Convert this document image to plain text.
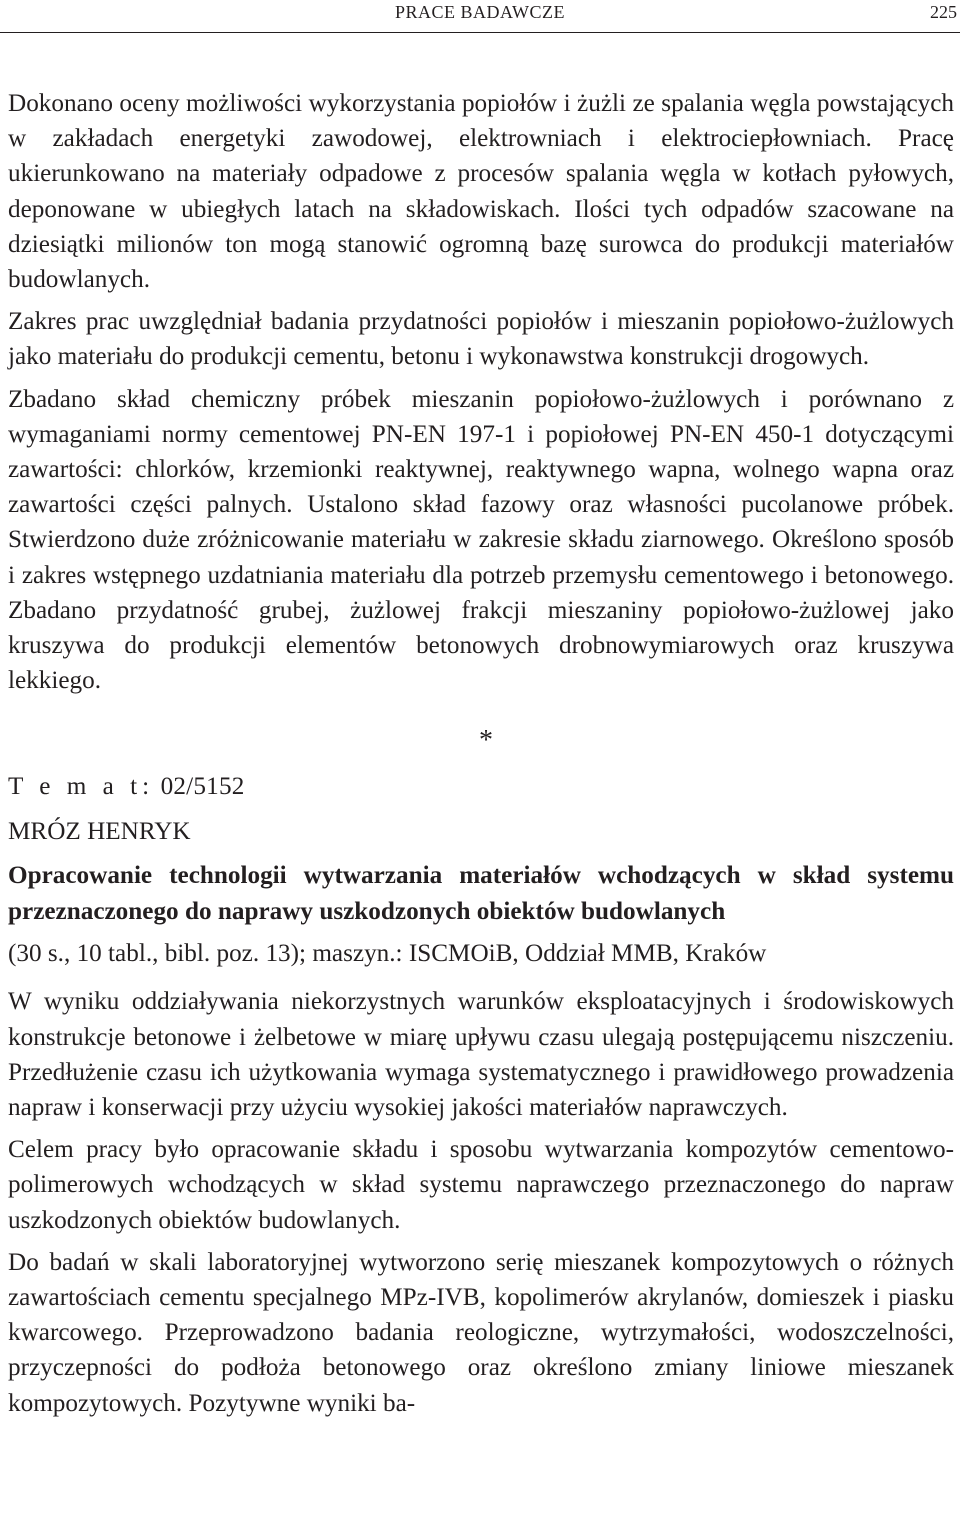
PRACE BADAWCZE	225

Dokonano oceny możliwości wykorzystania popiołów i żużli ze spalania węgla powstających w zakładach energetyki zawodowej, elektrowniach i elektrociepłowniach. Pracę ukierunkowano na materiały odpadowe z procesów spalania węgla w kotłach pyłowych, deponowane w ubiegłych latach na składowiskach. Ilości tych odpadów szacowane na dziesiątki milionów ton mogą stanowić ogromną bazę surowca do produkcji materiałów budowlanych.

Zakres prac uwzględniał badania przydatności popiołów i mieszanin popiołowo-żużlowych jako materiału do produkcji cementu, betonu i wykonawstwa konstrukcji drogowych.

Zbadano skład chemiczny próbek mieszanin popiołowo-żużlowych i porównano z wymaganiami normy cementowej PN-EN 197-1 i popiołowej PN-EN 450-1 dotyczącymi zawartości: chlorków, krzemionki reaktywnej, reaktywnego wapna, wolnego wapna oraz zawartości części palnych. Ustalono skład fazowy oraz własności pucolanowe próbek. Stwierdzono duże zróżnicowanie materiału w zakresie składu ziarnowego. Określono sposób i zakres wstępnego uzdatniania materiału dla potrzeb przemysłu cementowego i betonowego. Zbadano przydatność grubej, żużlowej frakcji mieszaniny popiołowo-żużlowej jako kruszywa do produkcji elementów betonowych drobnowymiarowych oraz kruszywa lekkiego.

*
T e m a t: 02/5152
MRÓZ HENRYK
Opracowanie technologii wytwarzania materiałów wchodzących w skład systemu przeznaczonego do naprawy uszkodzonych obiektów budowlanych
(30 s., 10 tabl., bibl. poz. 13); maszyn.: ISCMOiB, Oddział MMB, Kraków

W wyniku oddziaływania niekorzystnych warunków eksploatacyjnych i środowiskowych konstrukcje betonowe i żelbetowe w miarę upływu czasu ulegają postępującemu niszczeniu. Przedłużenie czasu ich użytkowania wymaga systematycznego i prawidłowego prowadzenia napraw i konserwacji przy użyciu wysokiej jakości materiałów naprawczych.

Celem pracy było opracowanie składu i sposobu wytwarzania kompozytów cementowo-polimerowych wchodzących w skład systemu naprawczego przeznaczonego do napraw uszkodzonych obiektów budowlanych.

Do badań w skali laboratoryjnej wytworzono serię mieszanek kompozytowych o różnych zawartościach cementu specjalnego MPz-IVB, kopolimerów akrylanów, domieszek i piasku kwarcowego. Przeprowadzono badania reologiczne, wytrzymałości, wodoszczelności, przyczepności do podłoża betonowego oraz określono zmiany liniowe mieszanek kompozytowych. Pozytywne wyniki ba-
